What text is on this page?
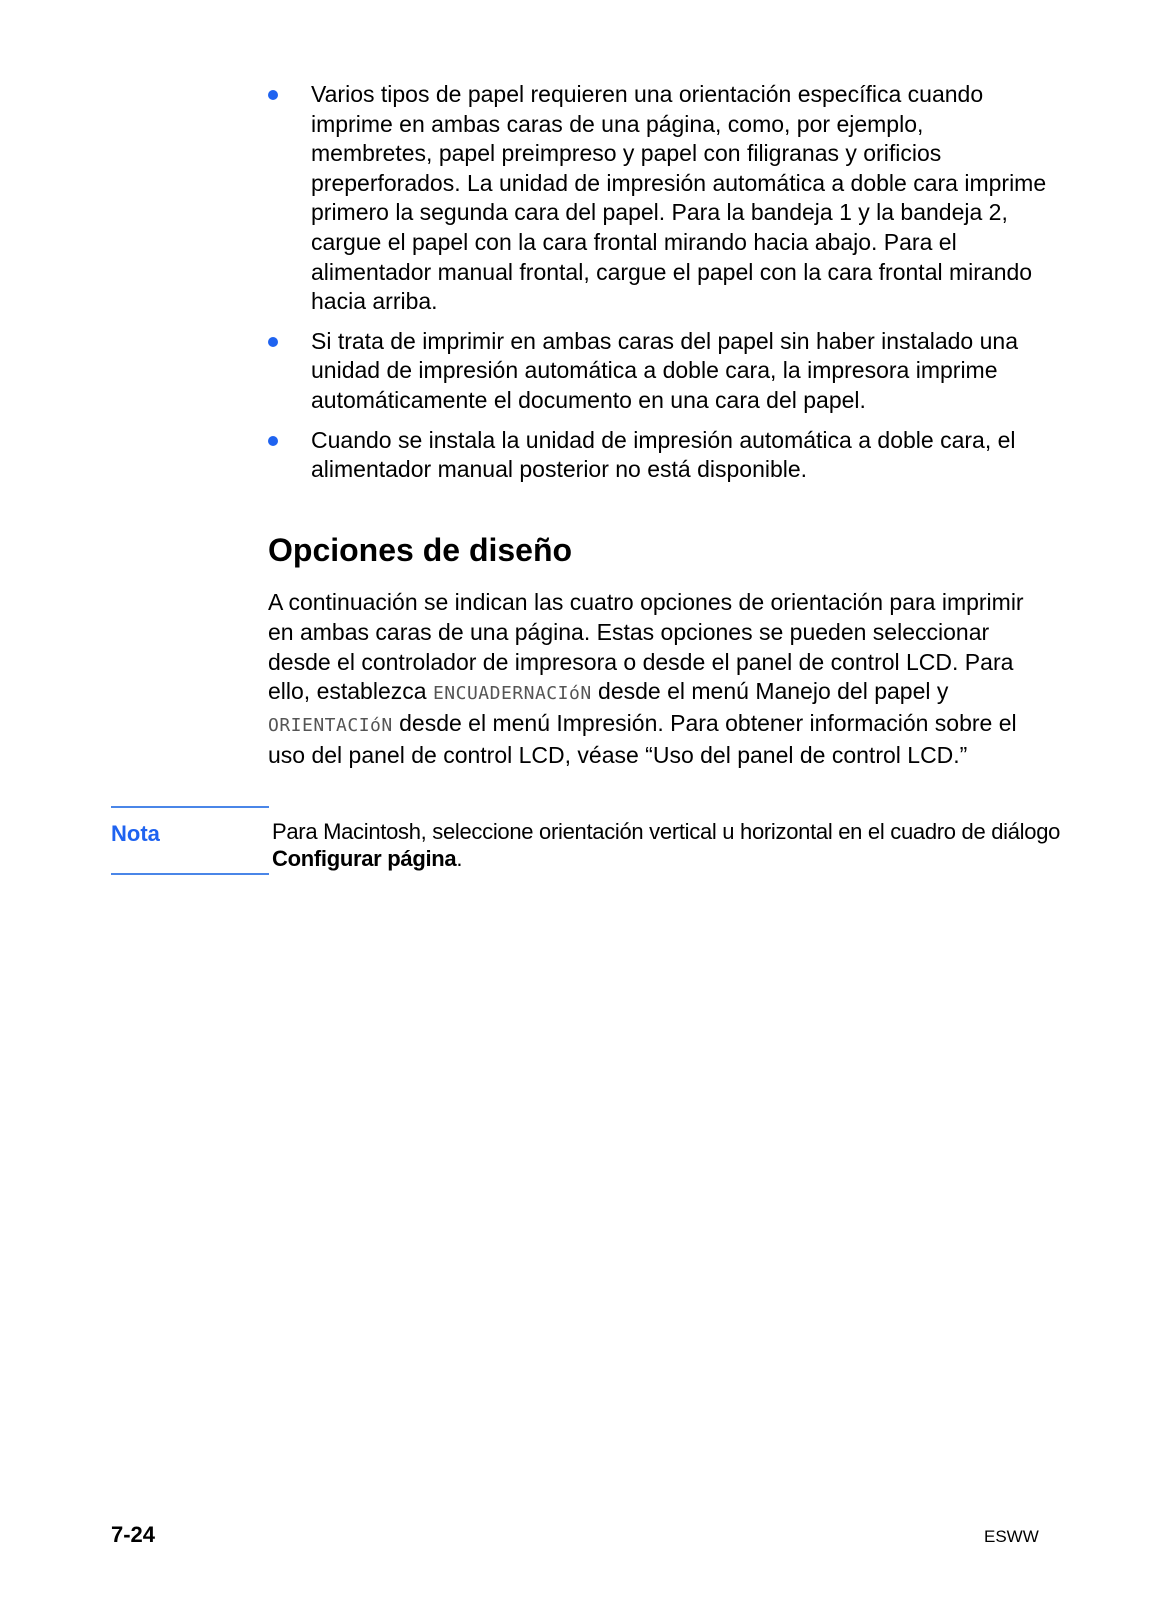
Varios tipos de papel requieren una orientación específica cuando imprime en ambas caras de una página, como, por ejemplo, membretes, papel preimpreso y papel con filigranas y orificios preperforados. La unidad de impresión automática a doble cara imprime primero la segunda cara del papel. Para la bandeja 1 y la bandeja 2, cargue el papel con la cara frontal mirando hacia abajo. Para el alimentador manual frontal, cargue el papel con la cara frontal mirando hacia arriba.
Si trata de imprimir en ambas caras del papel sin haber instalado una unidad de impresión automática a doble cara, la impresora imprime automáticamente el documento en una cara del papel.
Cuando se instala la unidad de impresión automática a doble cara, el alimentador manual posterior no está disponible.
Opciones de diseño

A continuación se indican las cuatro opciones de orientación para imprimir en ambas caras de una página. Estas opciones se pueden seleccionar desde el controlador de impresora o desde el panel de control LCD. Para ello, establezca ENCUADERNACIóN desde el menú Manejo del papel y ORIENTACIóN desde el menú Impresión. Para obtener información sobre el uso del panel de control LCD, véase “Uso del panel de control LCD.”

Nota	Para Macintosh, seleccione orientación vertical u horizontal en el cuadro de diálogo Configurar página.

7-24	ESWW
